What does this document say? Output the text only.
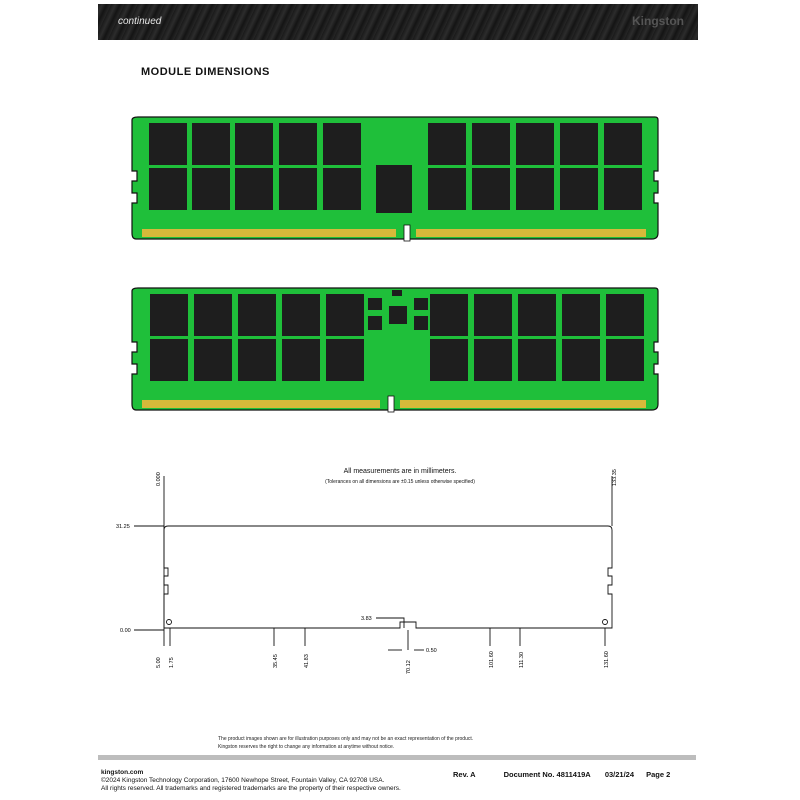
continued	Kingston
MODULE DIMENSIONS
All measurements are in millimeters.
(Tolerances on all dimensions are ±0.15 unless otherwise specified)
0.000	133.35
31.25
0.00
5.00 1.75	35.45	41.83	70.12	101.60	111.30	131.60
3.83
0.50
The product images shown are for illustration purposes only and may not be an exact representation of the product.
Kingston reserves the right to change any information at anytime without notice.
kingston.com
©2024 Kingston Technology Corporation, 17600 Newhope Street, Fountain Valley, CA 92708 USA.
All rights reserved. All trademarks and registered trademarks are the property of their respective owners.
Rev. A	Document No. 4811419A 03/21/24 Page 2
